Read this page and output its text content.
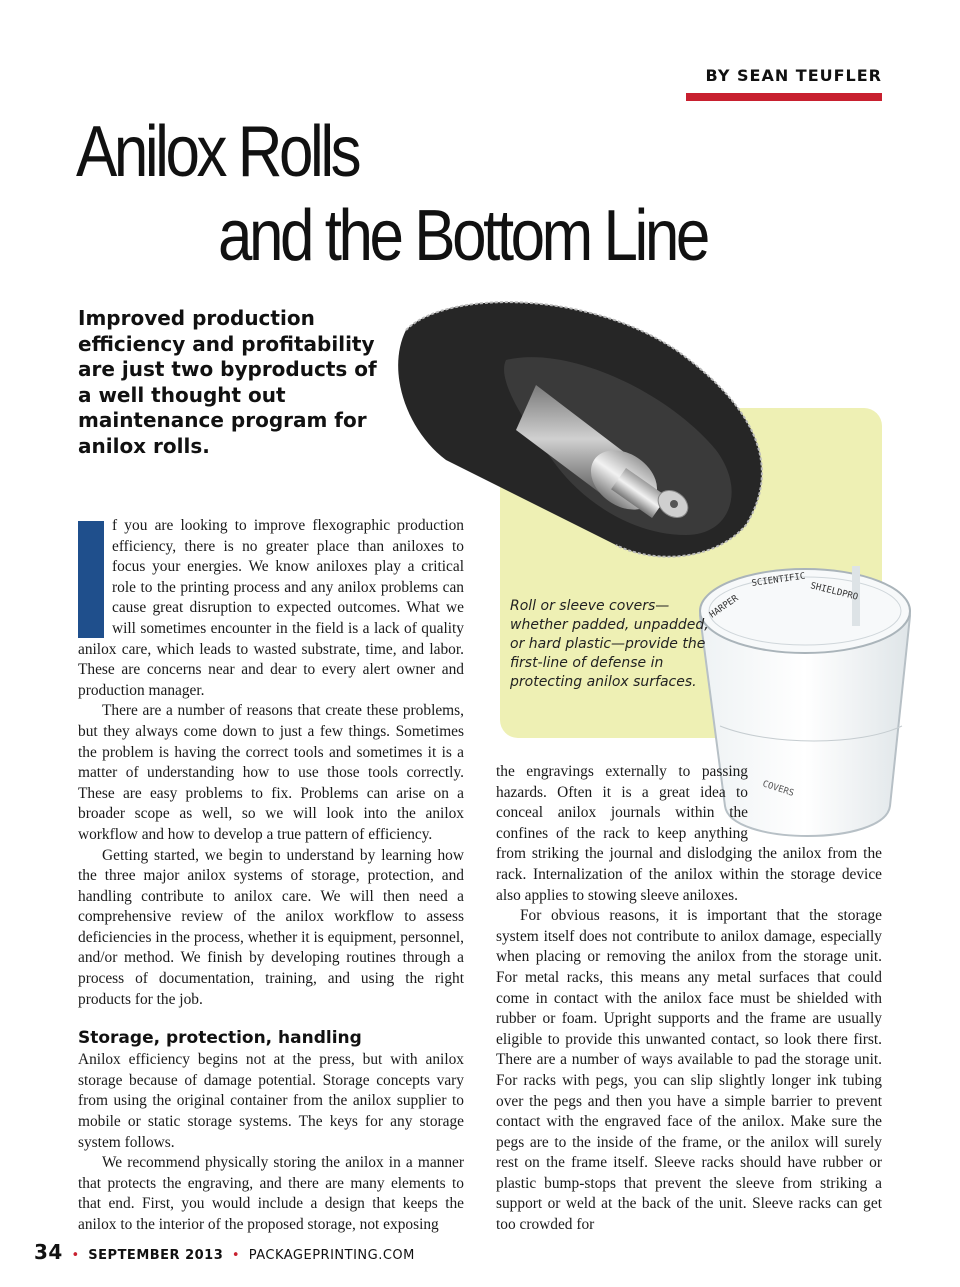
BY SEAN TEUFLER
Anilox Rolls
and the Bottom Line
Improved production efficiency and profitability are just two byproducts of a well thought out maintenance program for anilox rolls.
HARPER
SCIENTIFIC
SHIELDPRO
COVERS
Roll or sleeve covers—whether padded, unpadded, or hard plastic—provide the first-line of defense in protecting anilox surfaces.

f you are looking to improve flexographic production efficiency, there is no greater place than aniloxes to focus your energies. We know aniloxes play a critical role to the printing process and any anilox problems can cause great disruption to expected outcomes. What we will sometimes encounter in the field is a lack of quality anilox care, which leads to wasted substrate, time, and labor. These are concerns near and dear to every alert owner and production manager.

There are a number of reasons that create these problems, but they always come down to just a few things. Sometimes the problem is having the correct tools and sometimes it is a matter of understanding how to use those tools correctly. These are easy problems to fix. Problems can arise on a broader scope as well, so we will look into the anilox workflow and how to develop a true pattern of efficiency.

Getting started, we begin to understand by learning how the three major anilox systems of storage, protection, and handling contribute to anilox care. We will then need a comprehensive review of the anilox workflow to assess deficiencies in the process, whether it is equipment, personnel, and/or method. We finish by developing routines through a process of documentation, training, and using the right products for the job.

Storage, protection, handling

Anilox efficiency begins not at the press, but with anilox storage because of damage potential. Storage concepts vary from using the original container from the anilox supplier to mobile or static storage systems. The keys for any storage system follows.

We recommend physically storing the anilox in a manner that protects the engraving, and there are many elements to that end. First, you would include a design that keeps the anilox to the interior of the proposed storage, not exposing

the engravings externally to passing hazards. Often it is a great idea to conceal anilox journals within the confines of the rack to keep anything from striking the journal and dislodging the anilox from the rack. Internalization of the anilox within the storage device also applies to stowing sleeve aniloxes.

For obvious reasons, it is important that the storage system itself does not contribute to anilox damage, especially when placing or removing the anilox from the storage unit. For metal racks, this means any metal surfaces that could come in contact with the anilox face must be shielded with rubber or foam. Upright supports and the frame are usually eligible to provide this unwanted contact, so look there first. There are a number of ways available to pad the storage unit. For racks with pegs, you can slip slightly longer ink tubing over the pegs and then you have a simple barrier to prevent contact with the engraved face of the anilox. Make sure the pegs are to the inside of the frame, or the anilox will surely rest on the frame itself. Sleeve racks should have rubber or plastic bump-stops that prevent the sleeve from striking a support or weld at the back of the unit. Sleeve racks can get too crowded for

34 • SEPTEMBER 2013 • PACKAGEPRINTING.COM
